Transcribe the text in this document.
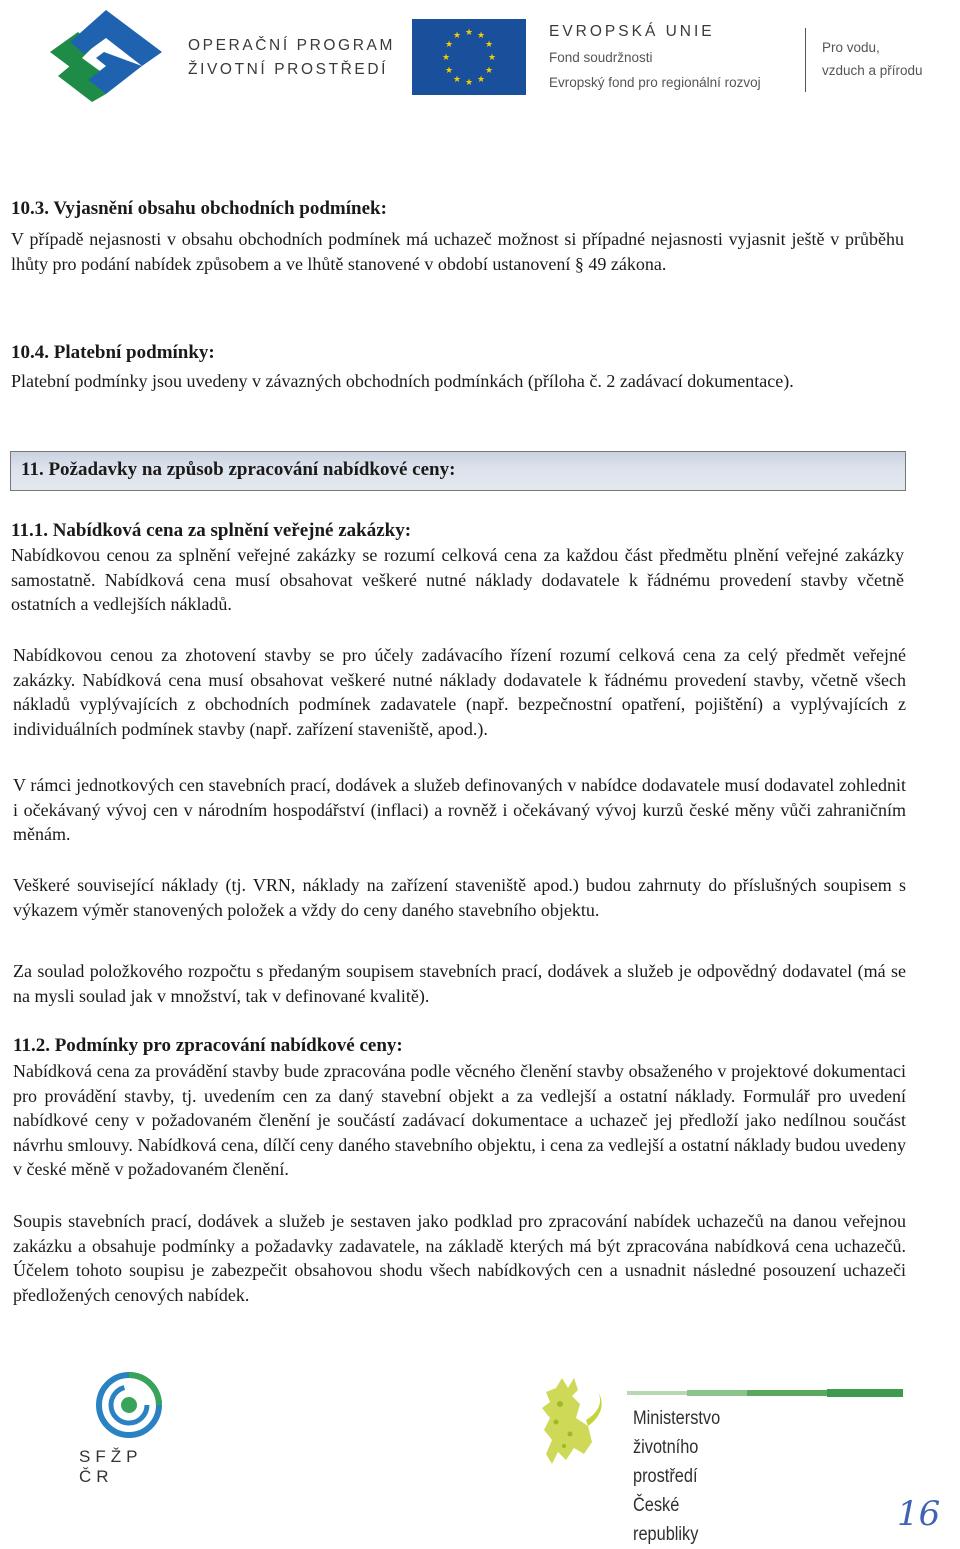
OPERAČNÍ PROGRAM
ŽIVOTNÍ PROSTŘEDÍ
★ ★
★
★
★
★
★
★
★
★
★
★	EVROPSKÁ UNIE
Fond soudržnosti
Evropský fond pro regionální rozvoj
Pro vodu,
vzduch a přírodu

10.3. Vyjasnění obsahu obchodních podmínek:

V případě nejasnosti v obsahu obchodních podmínek má uchazeč možnost si případné nejasnosti vyjasnit ještě v průběhu lhůty pro podání nabídek způsobem a ve lhůtě stanovené v období ustanovení § 49 zákona.

10.4. Platební podmínky:

Platební podmínky jsou uvedeny v závazných obchodních podmínkách (příloha č. 2 zadávací dokumentace).

11. Požadavky na způsob zpracování nabídkové ceny:

11.1. Nabídková cena za splnění veřejné zakázky:

Nabídkovou cenou za splnění veřejné zakázky se rozumí celková cena za každou část předmětu plnění veřejné zakázky samostatně. Nabídková cena musí obsahovat veškeré nutné náklady dodavatele k řádnému provedení stavby včetně ostatních a vedlejších nákladů.

Nabídkovou cenou za zhotovení stavby se pro účely zadávacího řízení rozumí celková cena za celý předmět veřejné zakázky. Nabídková cena musí obsahovat veškeré nutné náklady dodavatele k řádnému provedení stavby, včetně všech nákladů vyplývajících z obchodních podmínek zadavatele (např. bezpečnostní opatření, pojištění) a vyplývajících z individuálních podmínek stavby (např. zařízení staveniště, apod.).

V rámci jednotkových cen stavebních prací, dodávek a služeb definovaných v nabídce dodavatele musí dodavatel zohlednit i očekávaný vývoj cen v národním hospodářství (inflaci) a rovněž i očekávaný vývoj kurzů české měny vůči zahraničním měnám.

Veškeré související náklady (tj. VRN, náklady na zařízení staveniště apod.) budou zahrnuty do příslušných soupisem s výkazem výměr stanovených položek a vždy do ceny daného stavebního objektu.

Za soulad položkového rozpočtu s předaným soupisem stavebních prací, dodávek a služeb je odpovědný dodavatel (má se na mysli soulad jak v množství, tak v definované kvalitě).

11.2. Podmínky pro zpracování nabídkové ceny:

Nabídková cena za provádění stavby bude zpracována podle věcného členění stavby obsaženého v projektové dokumentaci pro provádění stavby, tj. uvedením cen za daný stavební objekt a za vedlejší a ostatní náklady. Formulář pro uvedení nabídkové ceny v požadovaném členění je součástí zadávací dokumentace a uchazeč jej předloží jako nedílnou součást návrhu smlouvy. Nabídková cena, dílčí ceny daného stavebního objektu, i cena za vedlejší a ostatní náklady budou uvedeny v české měně v požadovaném členění.

Soupis stavebních prací, dodávek a služeb je sestaven jako podklad pro zpracování nabídek uchazečů na danou veřejnou zakázku a obsahuje podmínky a požadavky zadavatele, na základě kterých má být zpracována nabídková cena uchazečů. Účelem tohoto soupisu je zabezpečit obsahovou shodu všech nabídkových cen a usnadnit následné posouzení uchazeči předložených cenových nabídek.

SFŽP ČR
Ministerstvo životního prostředí
České republiky
16
